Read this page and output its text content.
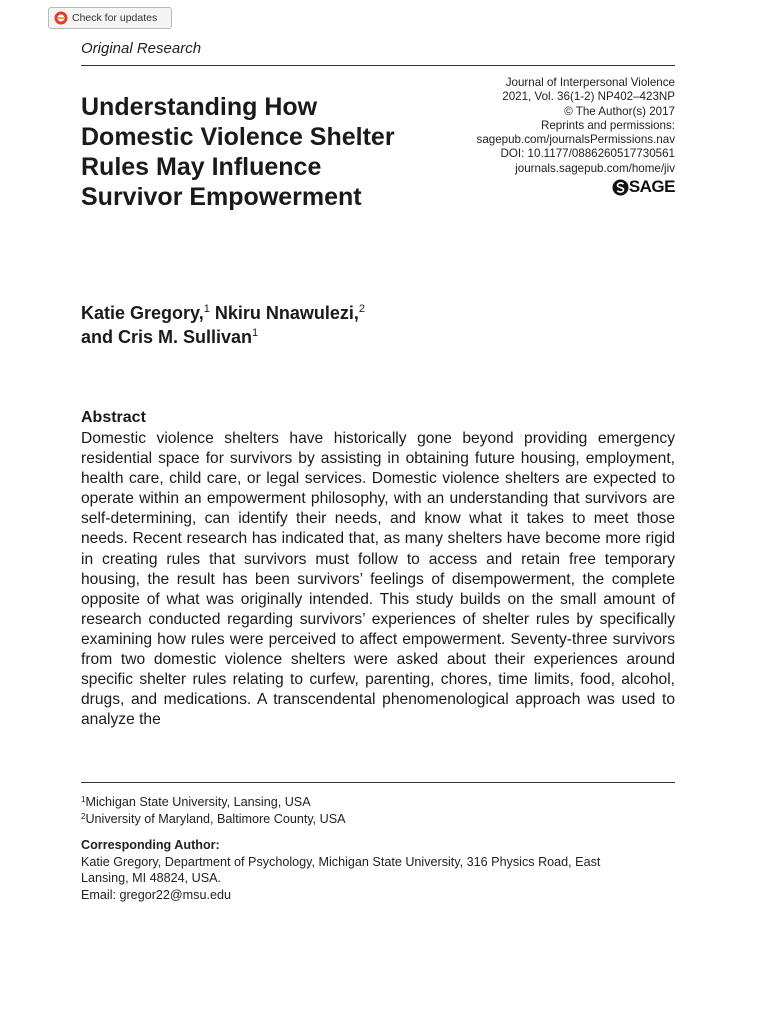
Check for updates
Original Research
Journal of Interpersonal Violence
2021, Vol. 36(1-2) NP402–423NP
© The Author(s) 2017
Reprints and permissions:
sagepub.com/journalsPermissions.nav
DOI: 10.1177/0886260517730561
journals.sagepub.com/home/jiv
SAGE
Understanding How Domestic Violence Shelter Rules May Influence Survivor Empowerment
Katie Gregory,$^1$ Nkiru Nnawulezi,$^2$
and Cris M. Sullivan$^1$
Abstract

Domestic violence shelters have historically gone beyond providing emergency residential space for survivors by assisting in obtaining future housing, employment, health care, child care, or legal services. Domestic violence shelters are expected to operate within an empowerment philosophy, with an understanding that survivors are self-determining, can identify their needs, and know what it takes to meet those needs. Recent research has indicated that, as many shelters have become more rigid in creating rules that survivors must follow to access and retain free temporary housing, the result has been survivors’ feelings of disempowerment, the complete opposite of what was originally intended. This study builds on the small amount of research conducted regarding survivors’ experiences of shelter rules by specifically examining how rules were perceived to affect empowerment. Seventy-three survivors from two domestic violence shelters were asked about their experiences around specific shelter rules relating to curfew, parenting, chores, time limits, food, alcohol, drugs, and medications. A transcendental phenomenological approach was used to analyze the

$^1$Michigan State University, Lansing, USA
$^2$University of Maryland, Baltimore County, USA
Corresponding Author:
Katie Gregory, Department of Psychology, Michigan State University, 316 Physics Road, East
Lansing, MI 48824, USA.
Email: gregor22@msu.edu
